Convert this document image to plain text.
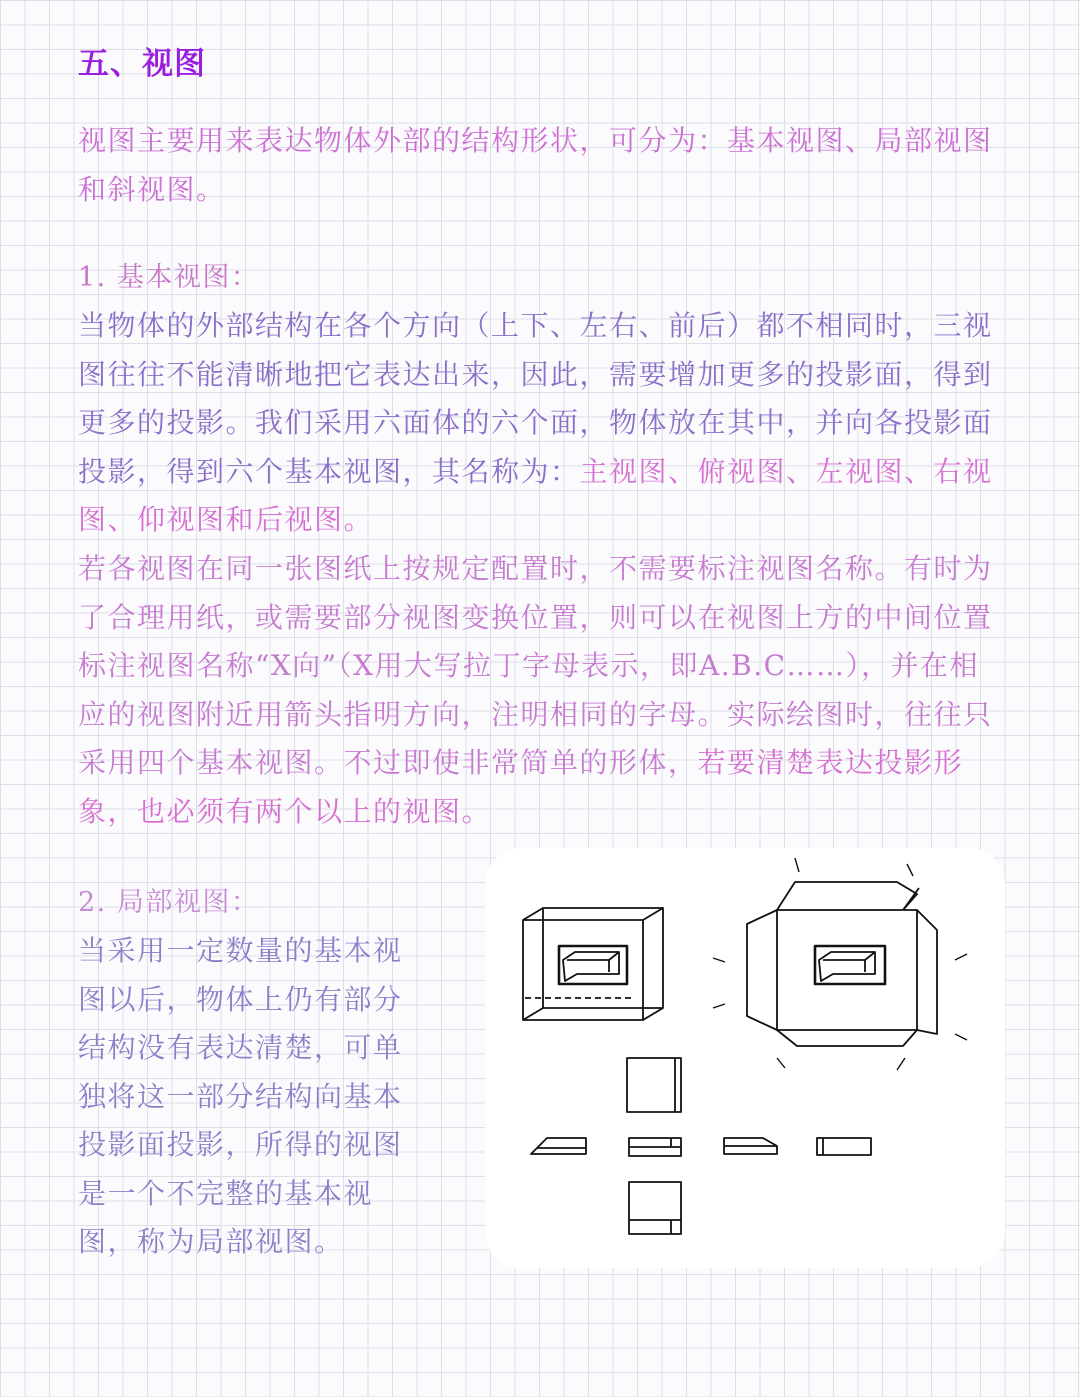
五、视图

视图主要用来表达物体外部的结构形状，可分为：基本视图、局部视图和斜视图。

1. 基本视图：

当物体的外部结构在各个方向（上下、左右、前后）都不相同时，三视图往往不能清晰地把它表达出来，因此，需要增加更多的投影面，得到更多的投影。我们采用六面体的六个面，物体放在其中，并向各投影面投影，得到六个基本视图，其名称为：主视图、俯视图、左视图、右视图、仰视图和后视图。

若各视图在同一张图纸上按规定配置时，不需要标注视图名称。有时为了合理用纸，或需要部分视图变换位置，则可以在视图上方的中间位置标注视图名称“X向”（X用大写拉丁字母表示，即A.B.C……），并在相应的视图附近用箭头指明方向，注明相同的字母。实际绘图时，往往只采用四个基本视图。不过即使非常简单的形体，若要清楚表达投影形象，也必须有两个以上的视图。

2. 局部视图：

当采用一定数量的基本视图以后，物体上仍有部分结构没有表达清楚，可单独将这一部分结构向基本投影面投影，所得的视图是一个不完整的基本视图，称为局部视图。
